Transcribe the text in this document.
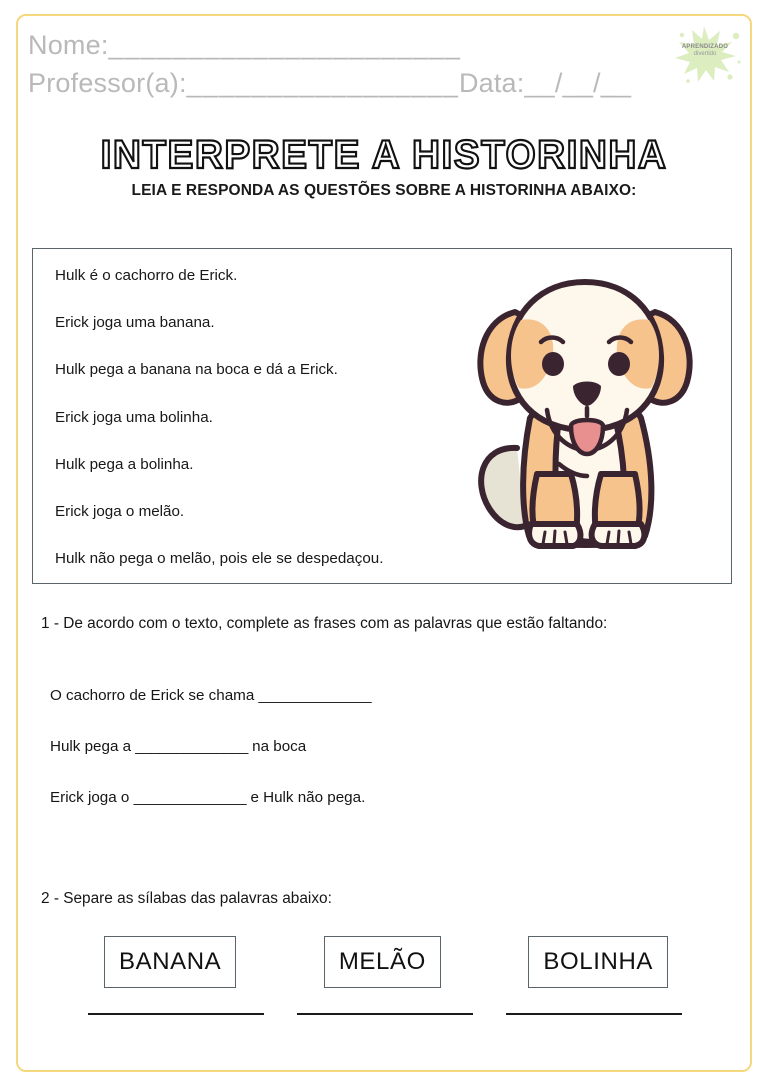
Nome:______________________
Professor(a): _________________ Data:__/__/__
APRENDIZADO
divertido
INTERPRETE A HISTORINHA
LEIA E RESPONDA AS QUESTÕES SOBRE A HISTORINHA ABAIXO:
Hulk é o cachorro de Erick.
Erick joga uma banana.
Hulk pega a banana na boca e dá a Erick.
Erick joga uma bolinha.
Hulk pega a bolinha.
Erick joga o melão.
Hulk não pega o melão, pois ele se despedaçou.
1 - De acordo com o texto, complete as frases com as palavras que estão faltando:
O cachorro de Erick se chama ______________
Hulk pega a ______________ na boca
Erick joga o ______________ e Hulk não pega.
2 - Separe as sílabas das palavras abaixo:
BANANA	MELÃO	BOLINHA
